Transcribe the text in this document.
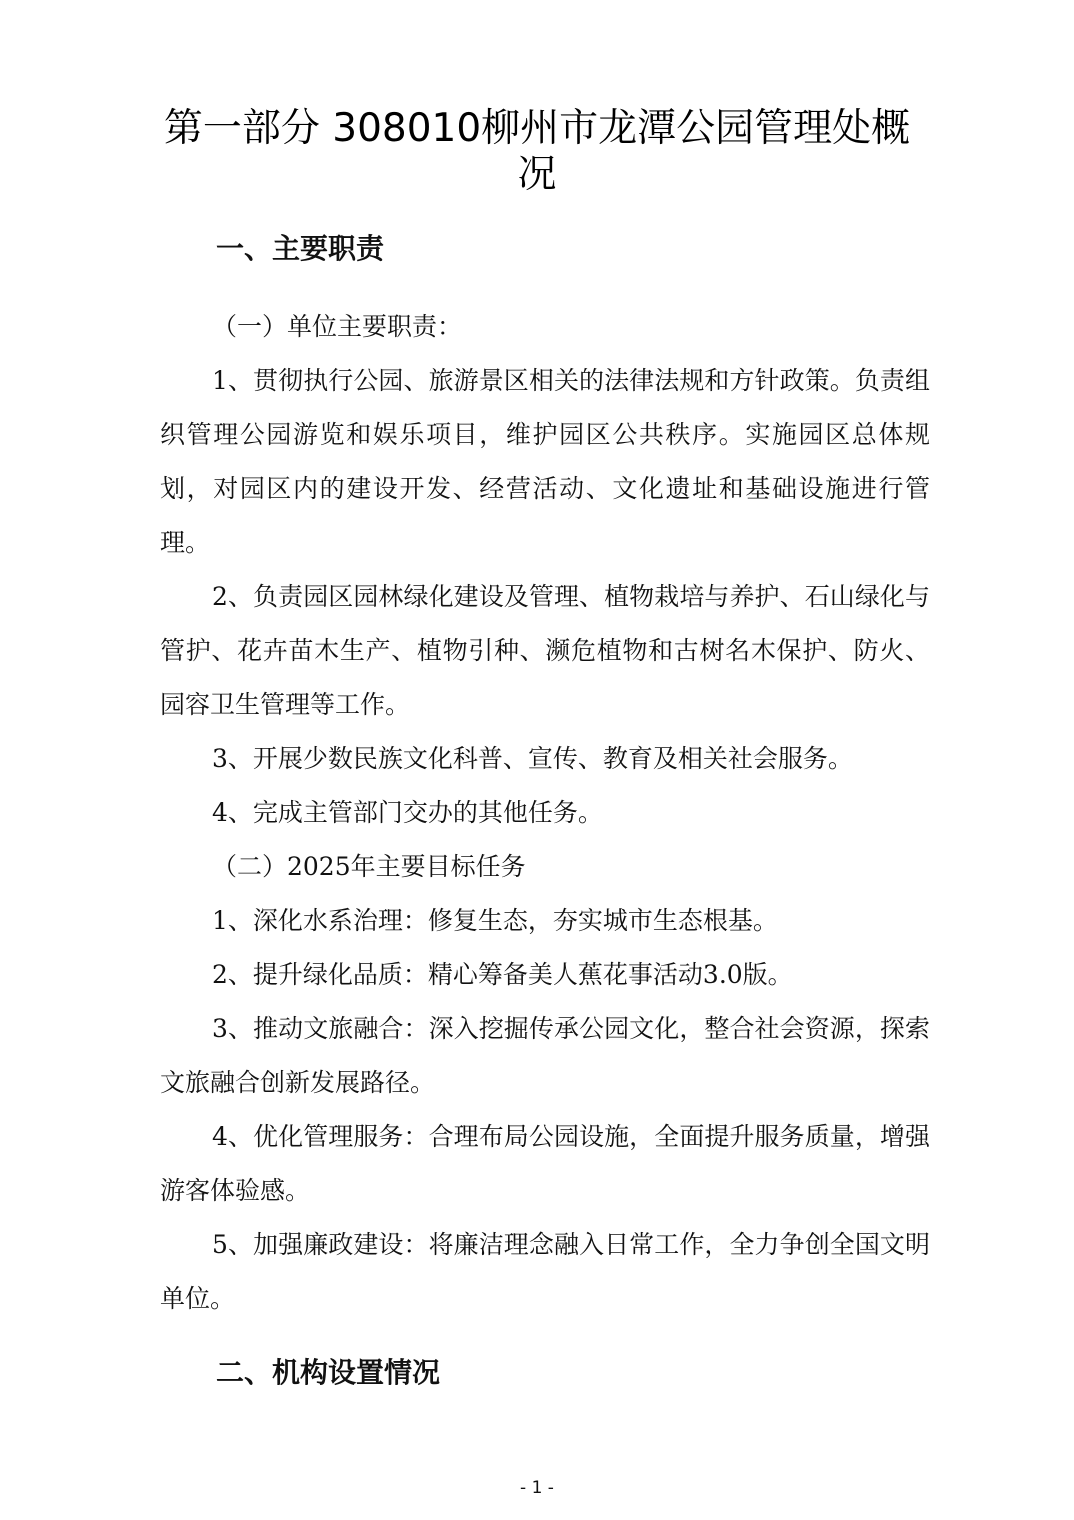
第一部分 308010柳州市龙潭公园管理处概况
一、主要职责

（一）单位主要职责：

1、贯彻执行公园、旅游景区相关的法律法规和方针政策。负责组织管理公园游览和娱乐项目，维护园区公共秩序。实施园区总体规划，对园区内的建设开发、经营活动、文化遗址和基础设施进行管理。

2、负责园区园林绿化建设及管理、植物栽培与养护、石山绿化与管护、花卉苗木生产、植物引种、濒危植物和古树名木保护、防火、园容卫生管理等工作。

3、开展少数民族文化科普、宣传、教育及相关社会服务。

4、完成主管部门交办的其他任务。

（二）2025年主要目标任务

1、深化水系治理：修复生态，夯实城市生态根基。

2、提升绿化品质：精心筹备美人蕉花事活动3.0版。

3、推动文旅融合：深入挖掘传承公园文化，整合社会资源，探索文旅融合创新发展路径。

4、优化管理服务：合理布局公园设施，全面提升服务质量，增强游客体验感。

5、加强廉政建设：将廉洁理念融入日常工作，全力争创全国文明单位。

二、机构设置情况
- 1 -
